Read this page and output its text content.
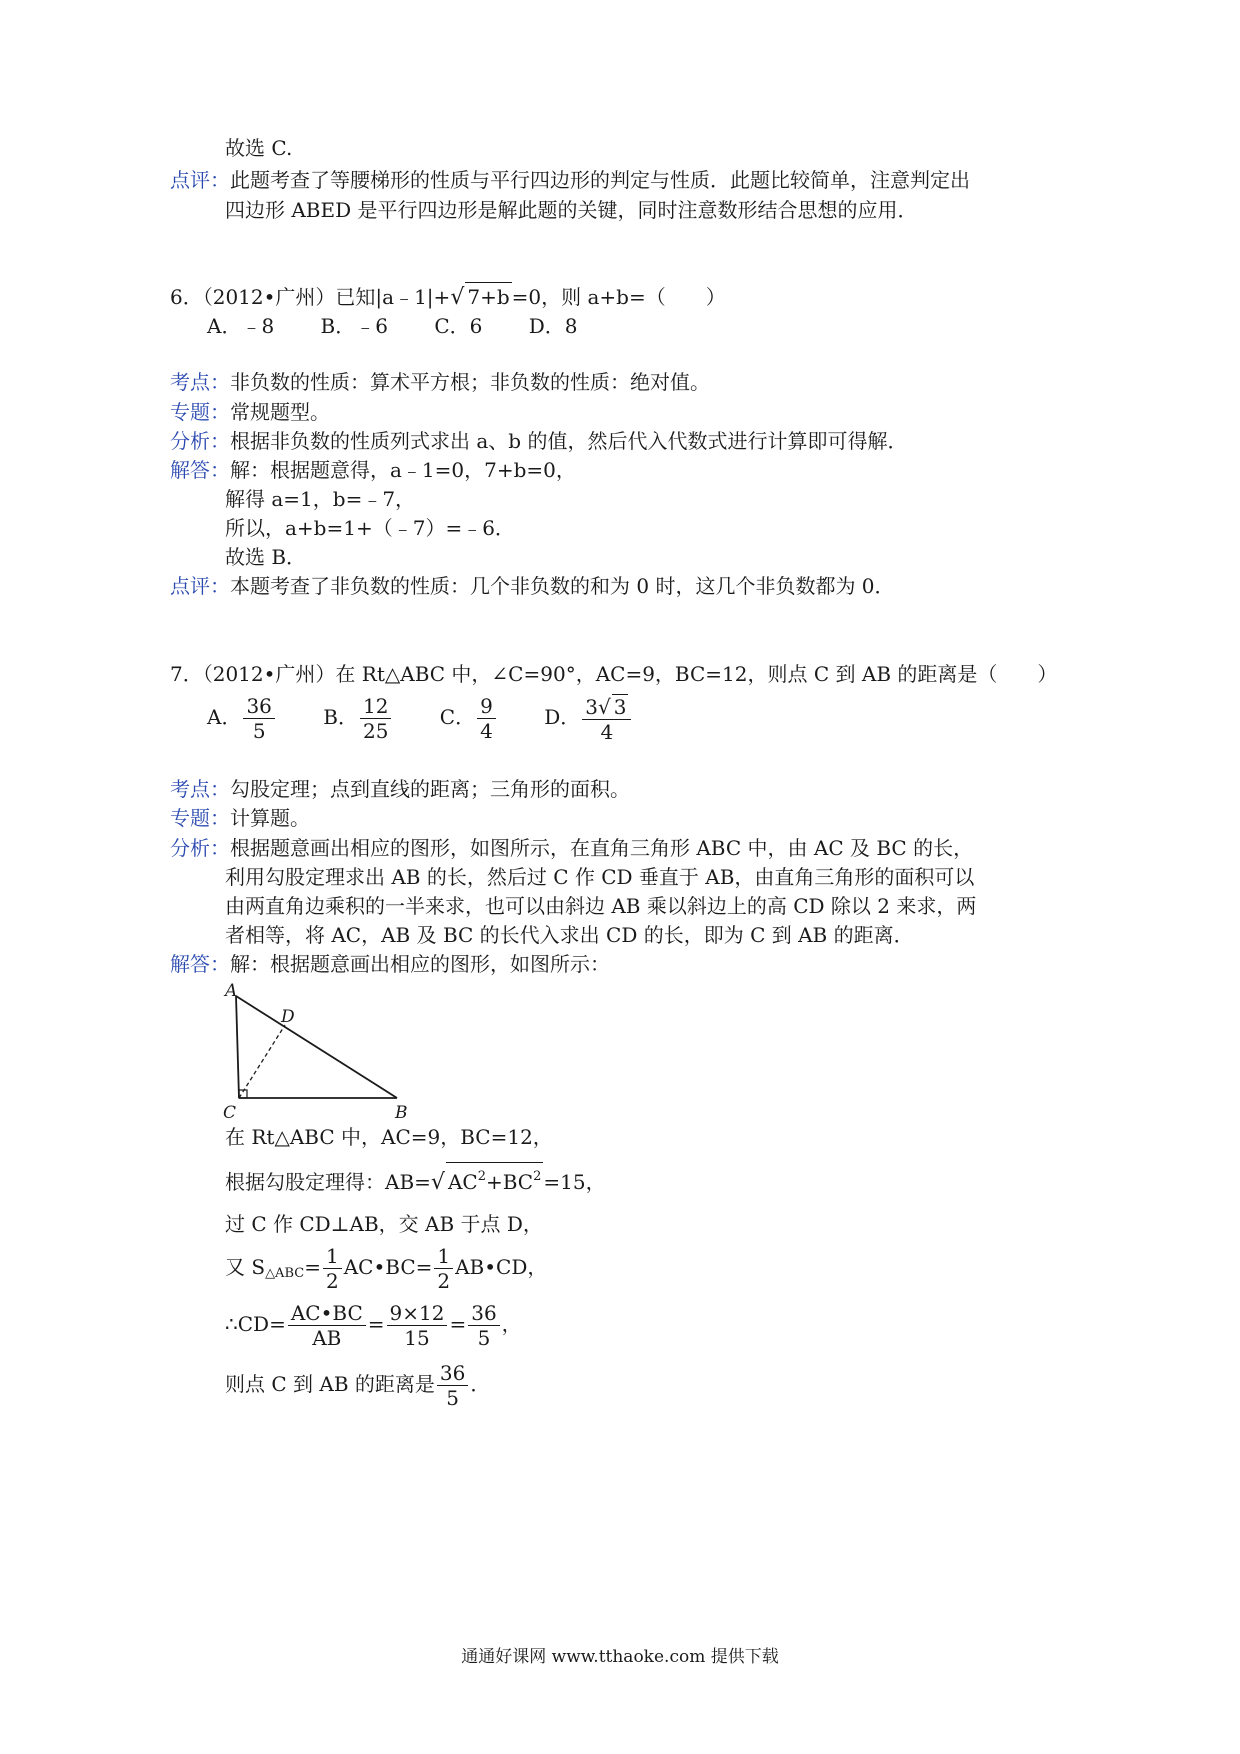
故选 C.
点评：此题考查了等腰梯形的性质与平行四边形的判定与性质．此题比较简单，注意判定出
四边形 ABED 是平行四边形是解此题的关键，同时注意数形结合思想的应用．
6．（2012•广州）已知|a﹣1|+√ 7+b =0，则 a+b=（　　）
A．﹣8 B．﹣6 C．6 D．8
考点：非负数的性质：算术平方根；非负数的性质：绝对值。
专题：常规题型。
分析：根据非负数的性质列式求出 a、b 的值，然后代入代数式进行计算即可得解．
解答：解：根据题意得，a﹣1=0，7+b=0，
解得 a=1，b=﹣7，
所以，a+b=1+（﹣7）=﹣6．
故选 B．
点评：本题考查了非负数的性质：几个非负数的和为 0 时，这几个非负数都为 0．
7．（2012•广州）在 Rt△ABC 中，∠C=90°，AC=9，BC=12，则点 C 到 AB 的距离是（　　）
A． $\frac{36}{5}$ B． $\frac{12}{25}$ C． $\frac{9}{4}$ D． $\frac{3√ 3}{4}$
考点：勾股定理；点到直线的距离；三角形的面积。
专题：计算题。
分析：根据题意画出相应的图形，如图所示，在直角三角形 ABC 中，由 AC 及 BC 的长，
利用勾股定理求出 AB 的长，然后过 C 作 CD 垂直于 AB，由直角三角形的面积可以
由两直角边乘积的一半来求，也可以由斜边 AB 乘以斜边上的高 CD 除以 2 来求，两
者相等，将 AC，AB 及 BC 的长代入求出 CD 的长，即为 C 到 AB 的距离．
解答：解：根据题意画出相应的图形，如图所示：
A
D
C	B
在 Rt△ABC 中，AC=9，BC=12，
根据勾股定理得：AB=√ $AC^2+BC^2 =15$，
过 C 作 CD⊥AB，交 AB 于点 D，
又 $S_{\triangle ABC}= \frac{1}{2}$ AC•BC= $\frac{1}{2}$ AB•CD，
∴CD= $\frac{AC•BC}{AB} = \frac{9\times 12}{15} = \frac{36}{5}$ ，
则点 C 到 AB 的距离是 $\frac{36}{5}$ ．
通通好课网 www.tthaoke.com 提供下载
